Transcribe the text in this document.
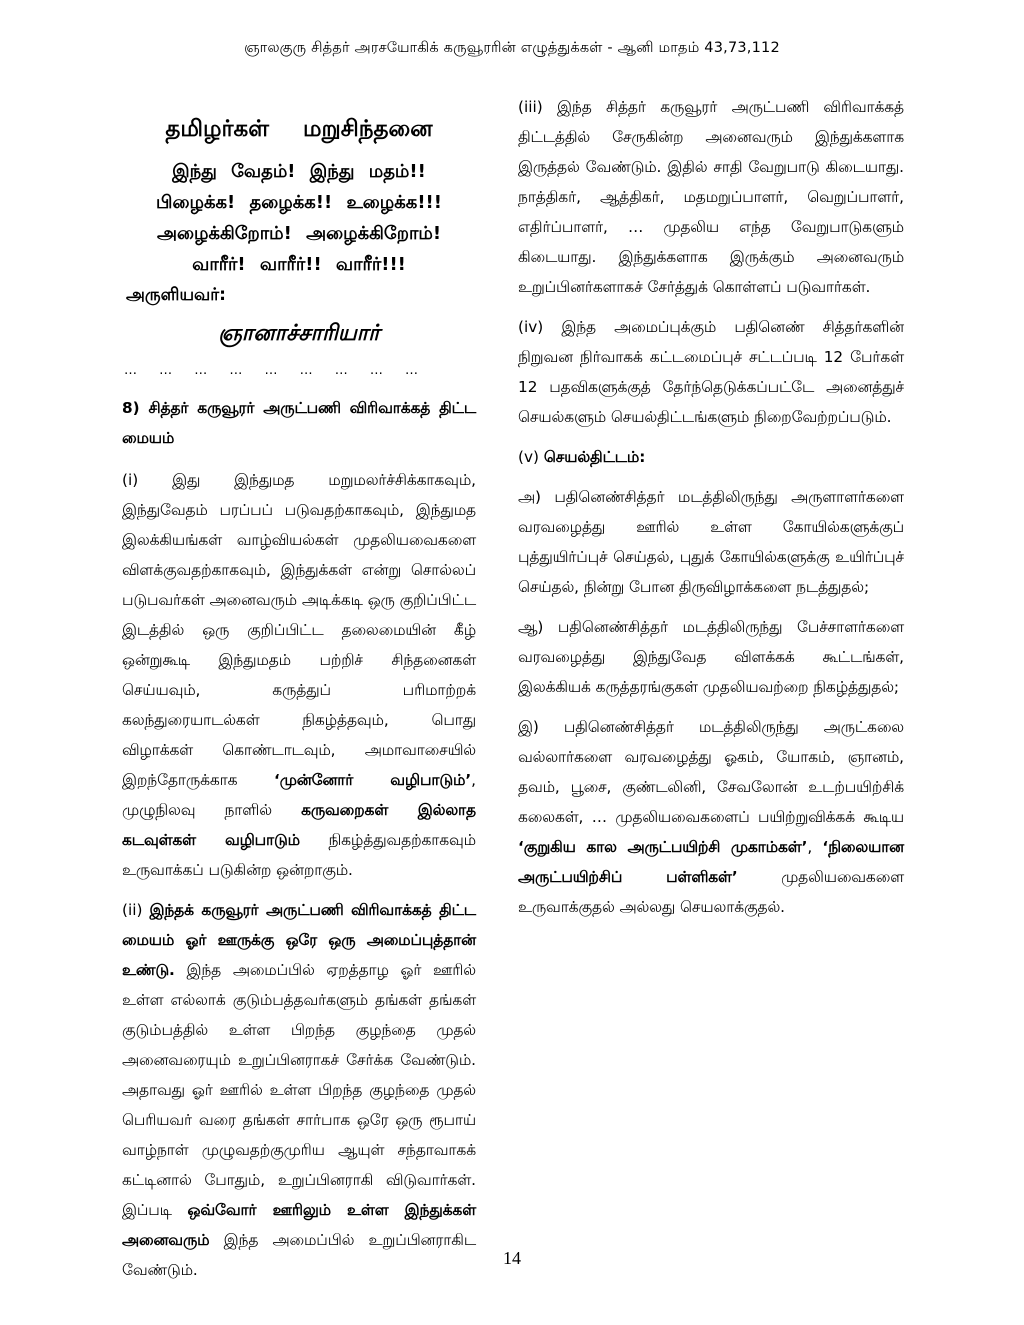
ஞாலகுரு சித்தர் அரசயோகிக் கருவூரரின் எழுத்துக்கள் - ஆனி மாதம் 43,73,112
தமிழர்கள் மறுசிந்தனை
இந்து வேதம்! இந்து மதம்!!
பிழைக்க! தழைக்க!! உழைக்க!!!
அழைக்கிறோம்! அழைக்கிறோம்!
வாரீர்! வாரீர்!! வாரீர்!!!
அருளியவர்:
ஞானாச்சாரியார்
… … … … … … … … …
8) சித்தர் கருவூரர் அருட்பணி விரிவாக்கத் திட்ட மையம்

(i) இது இந்துமத மறுமலர்ச்சிக்காகவும், இந்துவேதம் பரப்பப் படுவதற்காகவும், இந்துமத இலக்கியங்கள் வாழ்வியல்கள் முதலியவைகளை விளக்குவதற்காகவும், இந்துக்கள் என்று சொல்லப் படுபவர்கள் அனைவரும் அடிக்கடி ஒரு குறிப்பிட்ட இடத்தில் ஒரு குறிப்பிட்ட தலைமையின் கீழ் ஒன்றுகூடி இந்துமதம் பற்றிச் சிந்தனைகள் செய்யவும், கருத்துப் பரிமாற்றக் கலந்துரையாடல்கள் நிகழ்த்தவும், பொது விழாக்கள் கொண்டாடவும், அமாவாசையில் இறந்தோருக்காக ‘முன்னோர் வழிபாடும்’, முழுநிலவு நாளில் கருவறைகள் இல்லாத கடவுள்கள் வழிபாடும் நிகழ்த்துவதற்காகவும் உருவாக்கப் படுகின்ற ஒன்றாகும்.

(ii) இந்தக் கருவூரர் அருட்பணி விரிவாக்கத் திட்ட மையம் ஓர் ஊருக்கு ஒரே ஒரு அமைப்புத்தான் உண்டு. இந்த அமைப்பில் ஏறத்தாழ ஓர் ஊரில் உள்ள எல்லாக் குடும்பத்தவர்களும் தங்கள் தங்கள் குடும்பத்தில் உள்ள பிறந்த குழந்தை முதல் அனைவரையும் உறுப்பினராகச் சேர்க்க வேண்டும். அதாவது ஓர் ஊரில் உள்ள பிறந்த குழந்தை முதல் பெரியவர் வரை தங்கள் சார்பாக ஒரே ஒரு ரூபாய் வாழ்நாள் முழுவதற்குமுரிய ஆயுள் சந்தாவாகக் கட்டினால் போதும், உறுப்பினராகி விடுவார்கள். இப்படி ஒவ்வோர் ஊரிலும் உள்ள இந்துக்கள் அனைவரும் இந்த அமைப்பில் உறுப்பினராகிட வேண்டும்.

(iii) இந்த சித்தர் கருவூரர் அருட்பணி விரிவாக்கத் திட்டத்தில் சேருகின்ற அனைவரும் இந்துக்களாக இருத்தல் வேண்டும். இதில் சாதி வேறுபாடு கிடையாது. நாத்திகர், ஆத்திகர், மதமறுப்பாளர், வெறுப்பாளர், எதிர்ப்பாளர், … முதலிய எந்த வேறுபாடுகளும் கிடையாது. இந்துக்களாக இருக்கும் அனைவரும் உறுப்பினர்களாகச் சேர்த்துக் கொள்ளப் படுவார்கள்.

(iv) இந்த அமைப்புக்கும் பதினெண் சித்தர்களின் நிறுவன நிர்வாகக் கட்டமைப்புச் சட்டப்படி 12 பேர்கள் 12 பதவிகளுக்குத் தேர்ந்தெடுக்கப்பட்டே அனைத்துச் செயல்களும் செயல்திட்டங்களும் நிறைவேற்றப்படும்.

(v) செயல்திட்டம்:

அ) பதினெண்சித்தர் மடத்திலிருந்து அருளாளர்களை வரவழைத்து ஊரில் உள்ள கோயில்களுக்குப் புத்துயிர்ப்புச் செய்தல், புதுக் கோயில்களுக்கு உயிர்ப்புச் செய்தல், நின்று போன திருவிழாக்களை நடத்துதல்;

ஆ) பதினெண்சித்தர் மடத்திலிருந்து பேச்சாளர்களை வரவழைத்து இந்துவேத விளக்கக் கூட்டங்கள், இலக்கியக் கருத்தரங்குகள் முதலியவற்றை நிகழ்த்துதல்;

இ) பதினெண்சித்தர் மடத்திலிருந்து அருட்கலை வல்லார்களை வரவழைத்து ஓகம், யோகம், ஞானம், தவம், பூசை, குண்டலினி, சேவலோன் உடற்பயிற்சிக் கலைகள், … முதலியவைகளைப் பயிற்றுவிக்கக் கூடிய ‘குறுகிய கால அருட்பயிற்சி முகாம்கள்’, ‘நிலையான அருட்பயிற்சிப் பள்ளிகள்’ முதலியவைகளை உருவாக்குதல் அல்லது செயலாக்குதல்.

14
